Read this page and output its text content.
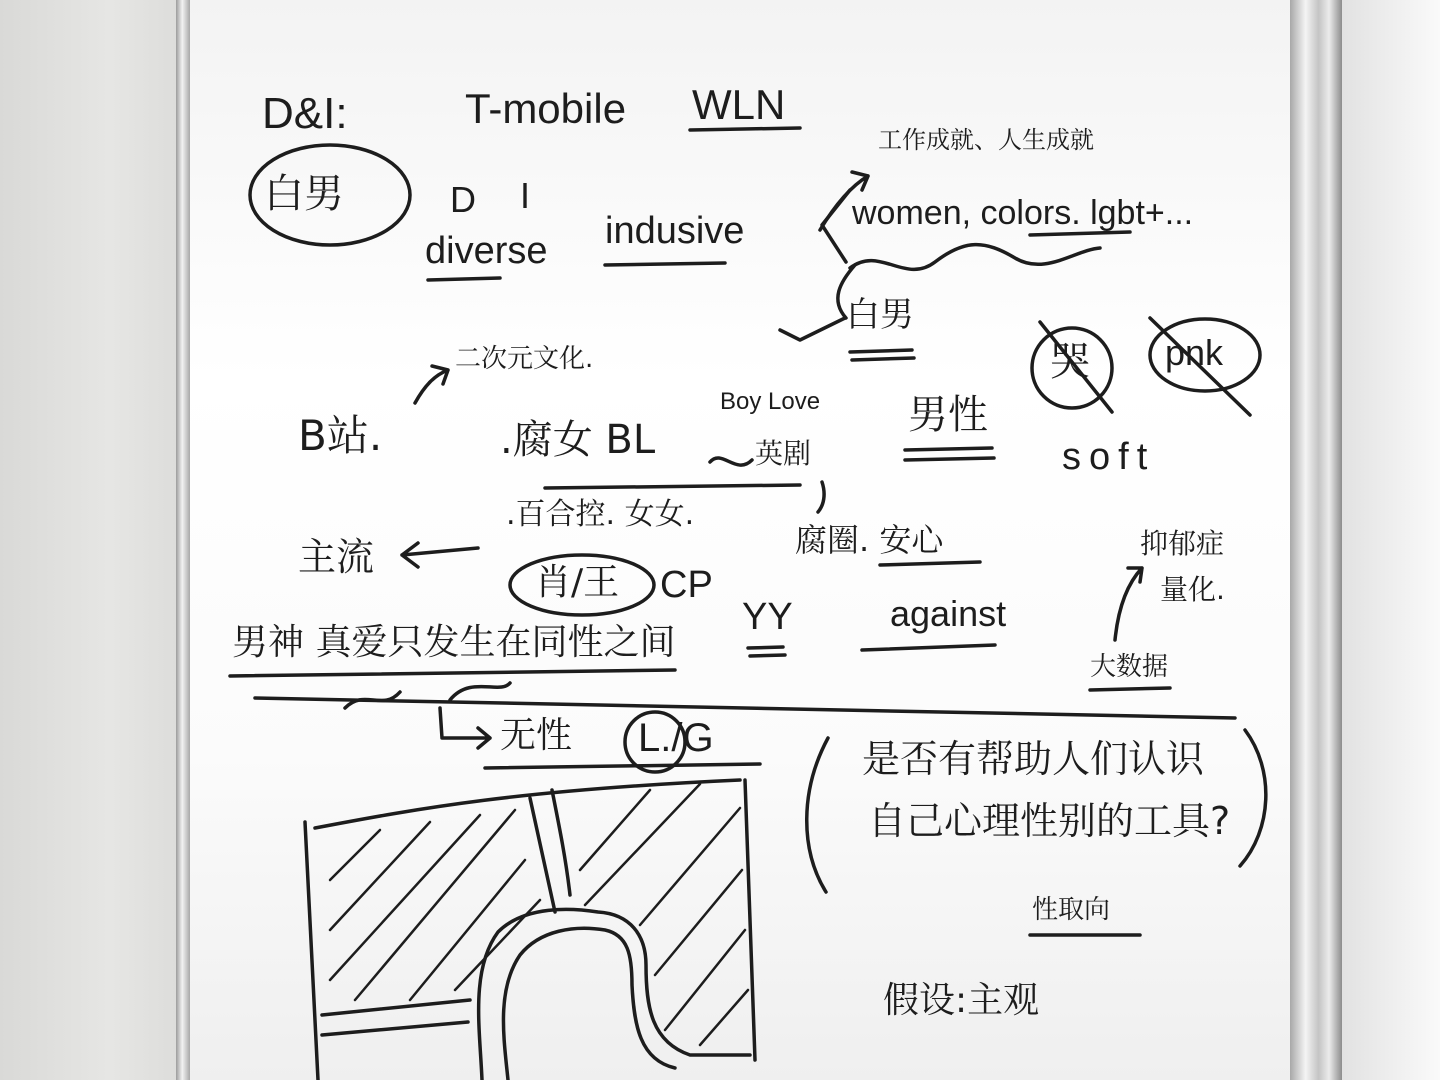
D&I:	T-mobile WLN
白男	D I
diverse indusive
工作成就、人生成就
women, colors. lgbt+...
白男
二次元文化.
B站.
Boy Love
.腐女 BL	英剧
男性
哭 pnk
soft
.百合控. 女女.
主流	腐圈. 安心	抑郁症
量化.
肖/王 CP
YY	against
大数据
男神 真爱只发生在同性之间
无性 L./G	是否有帮助人们认识
自己心理性别的工具?
性取向
假设:主观
